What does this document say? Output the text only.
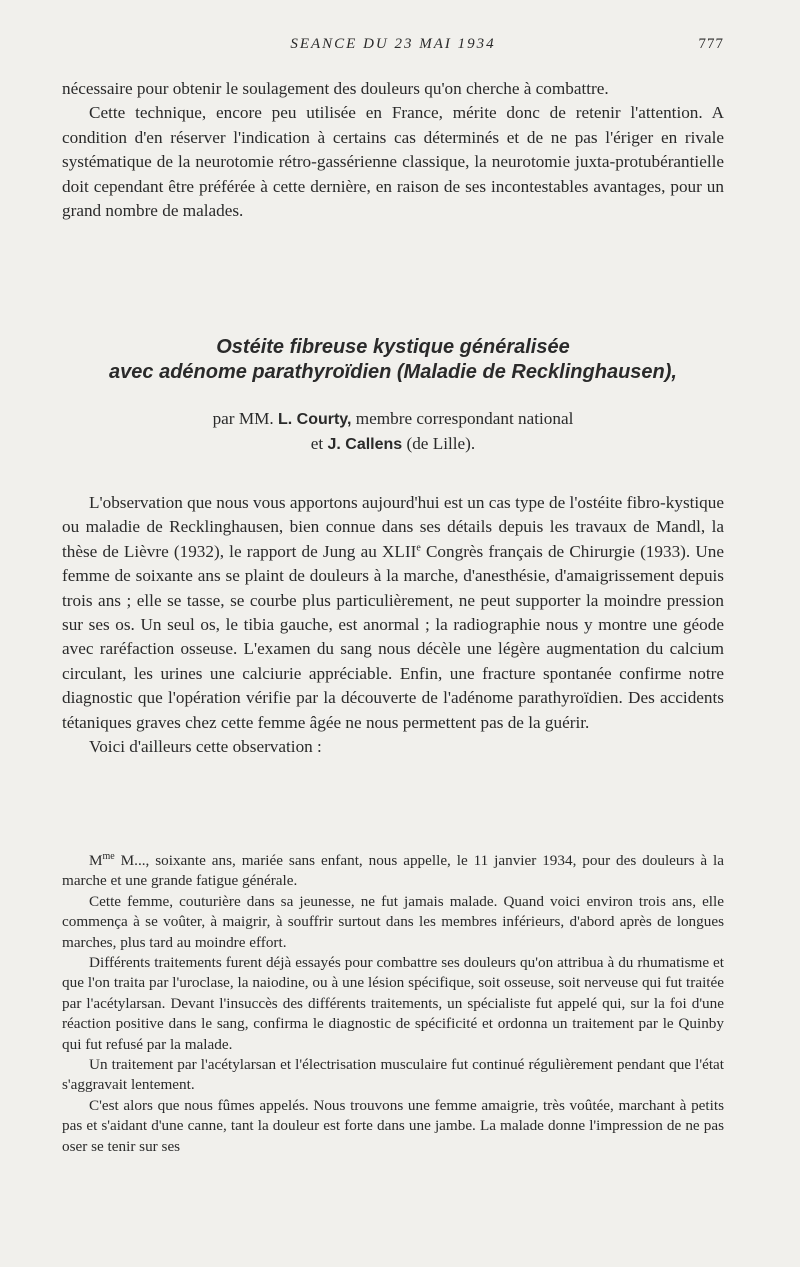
SEANCE DU 23 MAI 1934	777

nécessaire pour obtenir le soulagement des douleurs qu'on cherche à combattre.

Cette technique, encore peu utilisée en France, mérite donc de retenir l'attention. A condition d'en réserver l'indication à certains cas déterminés et de ne pas l'ériger en rivale systématique de la neurotomie rétro-gassérienne classique, la neurotomie juxta-protubérantielle doit cependant être préférée à cette dernière, en raison de ses incontestables avantages, pour un grand nombre de malades.

Ostéite fibreuse kystique généralisée
avec adénome parathyroïdien (Maladie de Recklinghausen),
par MM. L. Courty, membre correspondant national
et J. Callens (de Lille).

L'observation que nous vous apportons aujourd'hui est un cas type de l'ostéite fibro-kystique ou maladie de Recklinghausen, bien connue dans ses détails depuis les travaux de Mandl, la thèse de Lièvre (1932), le rapport de Jung au XLIIe Congrès français de Chirurgie (1933). Une femme de soixante ans se plaint de douleurs à la marche, d'anesthésie, d'amaigrissement depuis trois ans ; elle se tasse, se courbe plus particulièrement, ne peut supporter la moindre pression sur ses os. Un seul os, le tibia gauche, est anormal ; la radiographie nous y montre une géode avec raréfaction osseuse. L'examen du sang nous décèle une légère augmentation du calcium circulant, les urines une calciurie appréciable. Enfin, une fracture spontanée confirme notre diagnostic que l'opération vérifie par la découverte de l'adénome parathyroïdien. Des accidents tétaniques graves chez cette femme âgée ne nous permettent pas de la guérir.

Voici d'ailleurs cette observation :

$M^{me}$ M..., soixante ans, mariée sans enfant, nous appelle, le 11 janvier 1934, pour des douleurs à la marche et une grande fatigue générale.

Cette femme, couturière dans sa jeunesse, ne fut jamais malade. Quand voici environ trois ans, elle commença à se voûter, à maigrir, à souffrir surtout dans les membres inférieurs, d'abord après de longues marches, plus tard au moindre effort.

Différents traitements furent déjà essayés pour combattre ses douleurs qu'on attribua à du rhumatisme et que l'on traita par l'uroclase, la naiodine, ou à une lésion spécifique, soit osseuse, soit nerveuse qui fut traitée par l'acétylarsan. Devant l'insuccès des différents traitements, un spécialiste fut appelé qui, sur la foi d'une réaction positive dans le sang, confirma le diagnostic de spécificité et ordonna un traitement par le Quinby qui fut refusé par la malade.

Un traitement par l'acétylarsan et l'électrisation musculaire fut continué régulièrement pendant que l'état s'aggravait lentement.

C'est alors que nous fûmes appelés. Nous trouvons une femme amaigrie, très voûtée, marchant à petits pas et s'aidant d'une canne, tant la douleur est forte dans une jambe. La malade donne l'impression de ne pas oser se tenir sur ses
